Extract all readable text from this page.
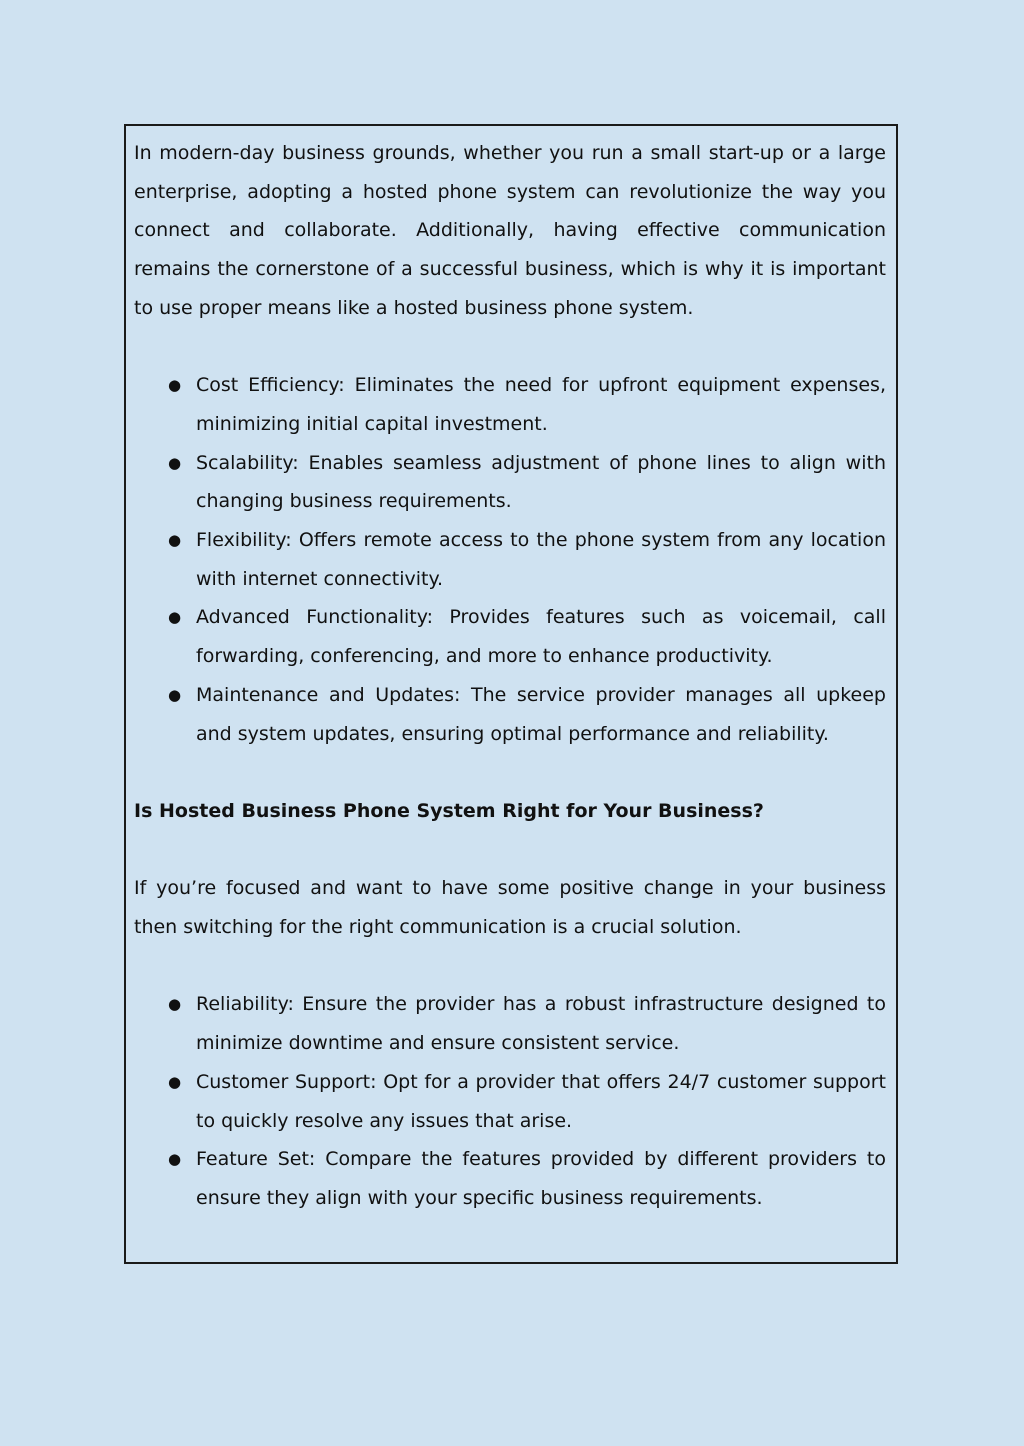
In modern-day business grounds, whether you run a small start-up or a large enterprise, adopting a hosted phone system can revolutionize the way you connect and collaborate. Additionally, having effective communication remains the cornerstone of a successful business, which is why it is important to use proper means like a hosted business phone system.

● Cost Efficiency: Eliminates the need for upfront equipment expenses, minimizing initial capital investment.
● Scalability: Enables seamless adjustment of phone lines to align with changing business requirements.
● Flexibility: Offers remote access to the phone system from any location with internet connectivity.
● Advanced Functionality: Provides features such as voicemail, call forwarding, conferencing, and more to enhance productivity.
● Maintenance and Updates: The service provider manages all upkeep and system updates, ensuring optimal performance and reliability.

Is Hosted Business Phone System Right for Your Business?

If you’re focused and want to have some positive change in your business then switching for the right communication is a crucial solution.

● Reliability: Ensure the provider has a robust infrastructure designed to minimize downtime and ensure consistent service.
● Customer Support: Opt for a provider that offers 24/7 customer support to quickly resolve any issues that arise.
● Feature Set: Compare the features provided by different providers to ensure they align with your specific business requirements.
